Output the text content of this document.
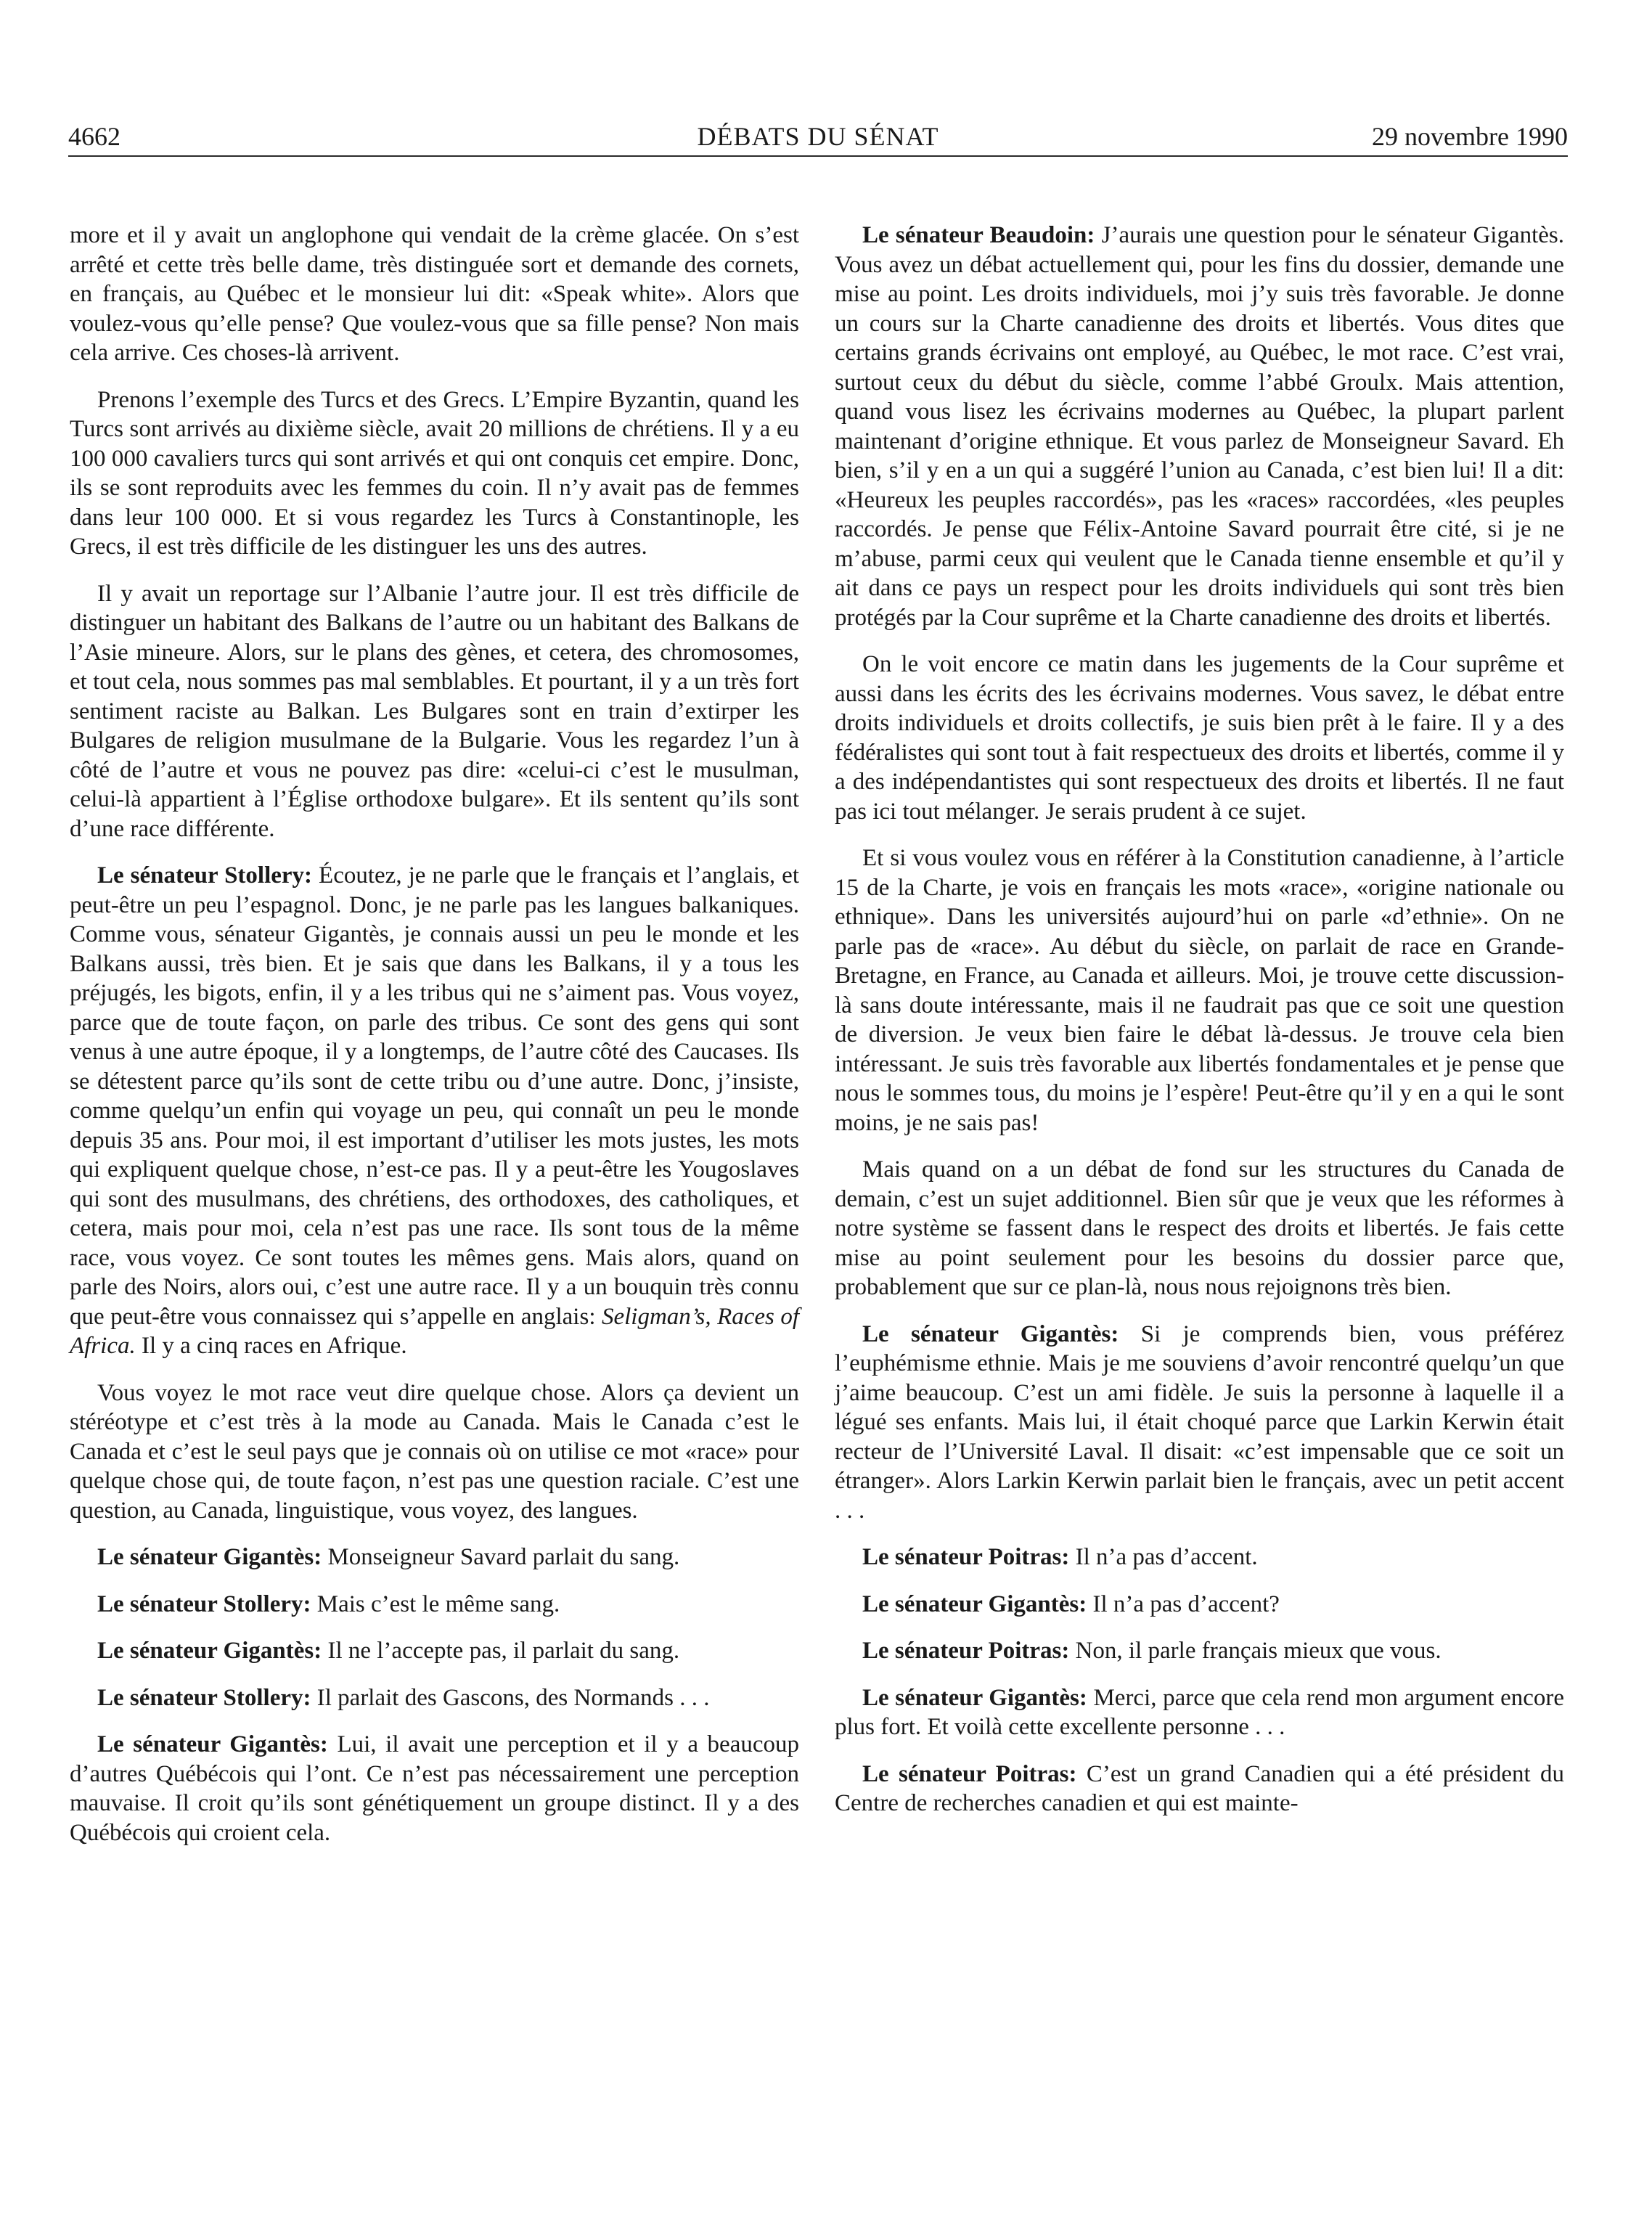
4662	DÉBATS DU SÉNAT	29 novembre 1990

more et il y avait un anglophone qui vendait de la crème glacée. On s’est arrêté et cette très belle dame, très distinguée sort et demande des cornets, en français, au Québec et le monsieur lui dit: «Speak white». Alors que voulez-vous qu’elle pense? Que voulez-vous que sa fille pense? Non mais cela arrive. Ces choses-là arrivent.

Prenons l’exemple des Turcs et des Grecs. L’Empire Byzantin, quand les Turcs sont arrivés au dixième siècle, avait 20 millions de chrétiens. Il y a eu 100 000 cavaliers turcs qui sont arrivés et qui ont conquis cet empire. Donc, ils se sont reproduits avec les femmes du coin. Il n’y avait pas de femmes dans leur 100 000. Et si vous regardez les Turcs à Constantinople, les Grecs, il est très difficile de les distinguer les uns des autres.

Il y avait un reportage sur l’Albanie l’autre jour. Il est très difficile de distinguer un habitant des Balkans de l’autre ou un habitant des Balkans de l’Asie mineure. Alors, sur le plans des gènes, et cetera, des chromosomes, et tout cela, nous sommes pas mal semblables. Et pourtant, il y a un très fort sentiment raciste au Balkan. Les Bulgares sont en train d’extirper les Bulgares de religion musulmane de la Bulgarie. Vous les regardez l’un à côté de l’autre et vous ne pouvez pas dire: «celui-ci c’est le musulman, celui-là appartient à l’Église orthodoxe bulgare». Et ils sentent qu’ils sont d’une race différente.

Le sénateur Stollery: Écoutez, je ne parle que le français et l’anglais, et peut-être un peu l’espagnol. Donc, je ne parle pas les langues balkaniques. Comme vous, sénateur Gigantès, je connais aussi un peu le monde et les Balkans aussi, très bien. Et je sais que dans les Balkans, il y a tous les préjugés, les bigots, enfin, il y a les tribus qui ne s’aiment pas. Vous voyez, parce que de toute façon, on parle des tribus. Ce sont des gens qui sont venus à une autre époque, il y a longtemps, de l’autre côté des Caucases. Ils se détestent parce qu’ils sont de cette tribu ou d’une autre. Donc, j’insiste, comme quelqu’un enfin qui voyage un peu, qui connaît un peu le monde depuis 35 ans. Pour moi, il est important d’utiliser les mots justes, les mots qui expliquent quelque chose, n’est-ce pas. Il y a peut-être les Yougoslaves qui sont des musulmans, des chrétiens, des orthodoxes, des catholiques, et cetera, mais pour moi, cela n’est pas une race. Ils sont tous de la même race, vous voyez. Ce sont toutes les mêmes gens. Mais alors, quand on parle des Noirs, alors oui, c’est une autre race. Il y a un bouquin très connu que peut-être vous connaissez qui s’appelle en anglais: Seligman’s, Races of Africa. Il y a cinq races en Afrique.

Vous voyez le mot race veut dire quelque chose. Alors ça devient un stéréotype et c’est très à la mode au Canada. Mais le Canada c’est le Canada et c’est le seul pays que je connais où on utilise ce mot «race» pour quelque chose qui, de toute façon, n’est pas une question raciale. C’est une question, au Canada, linguistique, vous voyez, des langues.

Le sénateur Gigantès: Monseigneur Savard parlait du sang.

Le sénateur Stollery: Mais c’est le même sang.

Le sénateur Gigantès: Il ne l’accepte pas, il parlait du sang.

Le sénateur Stollery: Il parlait des Gascons, des Normands . . .

Le sénateur Gigantès: Lui, il avait une perception et il y a beaucoup d’autres Québécois qui l’ont. Ce n’est pas nécessairement une perception mauvaise. Il croit qu’ils sont génétiquement un groupe distinct. Il y a des Québécois qui croient cela.

Le sénateur Beaudoin: J’aurais une question pour le sénateur Gigantès. Vous avez un débat actuellement qui, pour les fins du dossier, demande une mise au point. Les droits individuels, moi j’y suis très favorable. Je donne un cours sur la Charte canadienne des droits et libertés. Vous dites que certains grands écrivains ont employé, au Québec, le mot race. C’est vrai, surtout ceux du début du siècle, comme l’abbé Groulx. Mais attention, quand vous lisez les écrivains modernes au Québec, la plupart parlent maintenant d’origine ethnique. Et vous parlez de Monseigneur Savard. Eh bien, s’il y en a un qui a suggéré l’union au Canada, c’est bien lui! Il a dit: «Heureux les peuples raccordés», pas les «races» raccordées, «les peuples raccordés. Je pense que Félix-Antoine Savard pourrait être cité, si je ne m’abuse, parmi ceux qui veulent que le Canada tienne ensemble et qu’il y ait dans ce pays un respect pour les droits individuels qui sont très bien protégés par la Cour suprême et la Charte canadienne des droits et libertés.

On le voit encore ce matin dans les jugements de la Cour suprême et aussi dans les écrits des les écrivains modernes. Vous savez, le débat entre droits individuels et droits collectifs, je suis bien prêt à le faire. Il y a des fédéralistes qui sont tout à fait respectueux des droits et libertés, comme il y a des indépendantistes qui sont respectueux des droits et libertés. Il ne faut pas ici tout mélanger. Je serais prudent à ce sujet.

Et si vous voulez vous en référer à la Constitution canadienne, à l’article 15 de la Charte, je vois en français les mots «race», «origine nationale ou ethnique». Dans les universités aujourd’hui on parle «d’ethnie». On ne parle pas de «race». Au début du siècle, on parlait de race en Grande-Bretagne, en France, au Canada et ailleurs. Moi, je trouve cette discussion-là sans doute intéressante, mais il ne faudrait pas que ce soit une question de diversion. Je veux bien faire le débat là-dessus. Je trouve cela bien intéressant. Je suis très favorable aux libertés fondamentales et je pense que nous le sommes tous, du moins je l’espère! Peut-être qu’il y en a qui le sont moins, je ne sais pas!

Mais quand on a un débat de fond sur les structures du Canada de demain, c’est un sujet additionnel. Bien sûr que je veux que les réformes à notre système se fassent dans le respect des droits et libertés. Je fais cette mise au point seulement pour les besoins du dossier parce que, probablement que sur ce plan-là, nous nous rejoignons très bien.

Le sénateur Gigantès: Si je comprends bien, vous préférez l’euphémisme ethnie. Mais je me souviens d’avoir rencontré quelqu’un que j’aime beaucoup. C’est un ami fidèle. Je suis la personne à laquelle il a légué ses enfants. Mais lui, il était choqué parce que Larkin Kerwin était recteur de l’Université Laval. Il disait: «c’est impensable que ce soit un étranger». Alors Larkin Kerwin parlait bien le français, avec un petit accent . . .

Le sénateur Poitras: Il n’a pas d’accent.

Le sénateur Gigantès: Il n’a pas d’accent?

Le sénateur Poitras: Non, il parle français mieux que vous.

Le sénateur Gigantès: Merci, parce que cela rend mon argument encore plus fort. Et voilà cette excellente personne . . .

Le sénateur Poitras: C’est un grand Canadien qui a été président du Centre de recherches canadien et qui est mainte-
